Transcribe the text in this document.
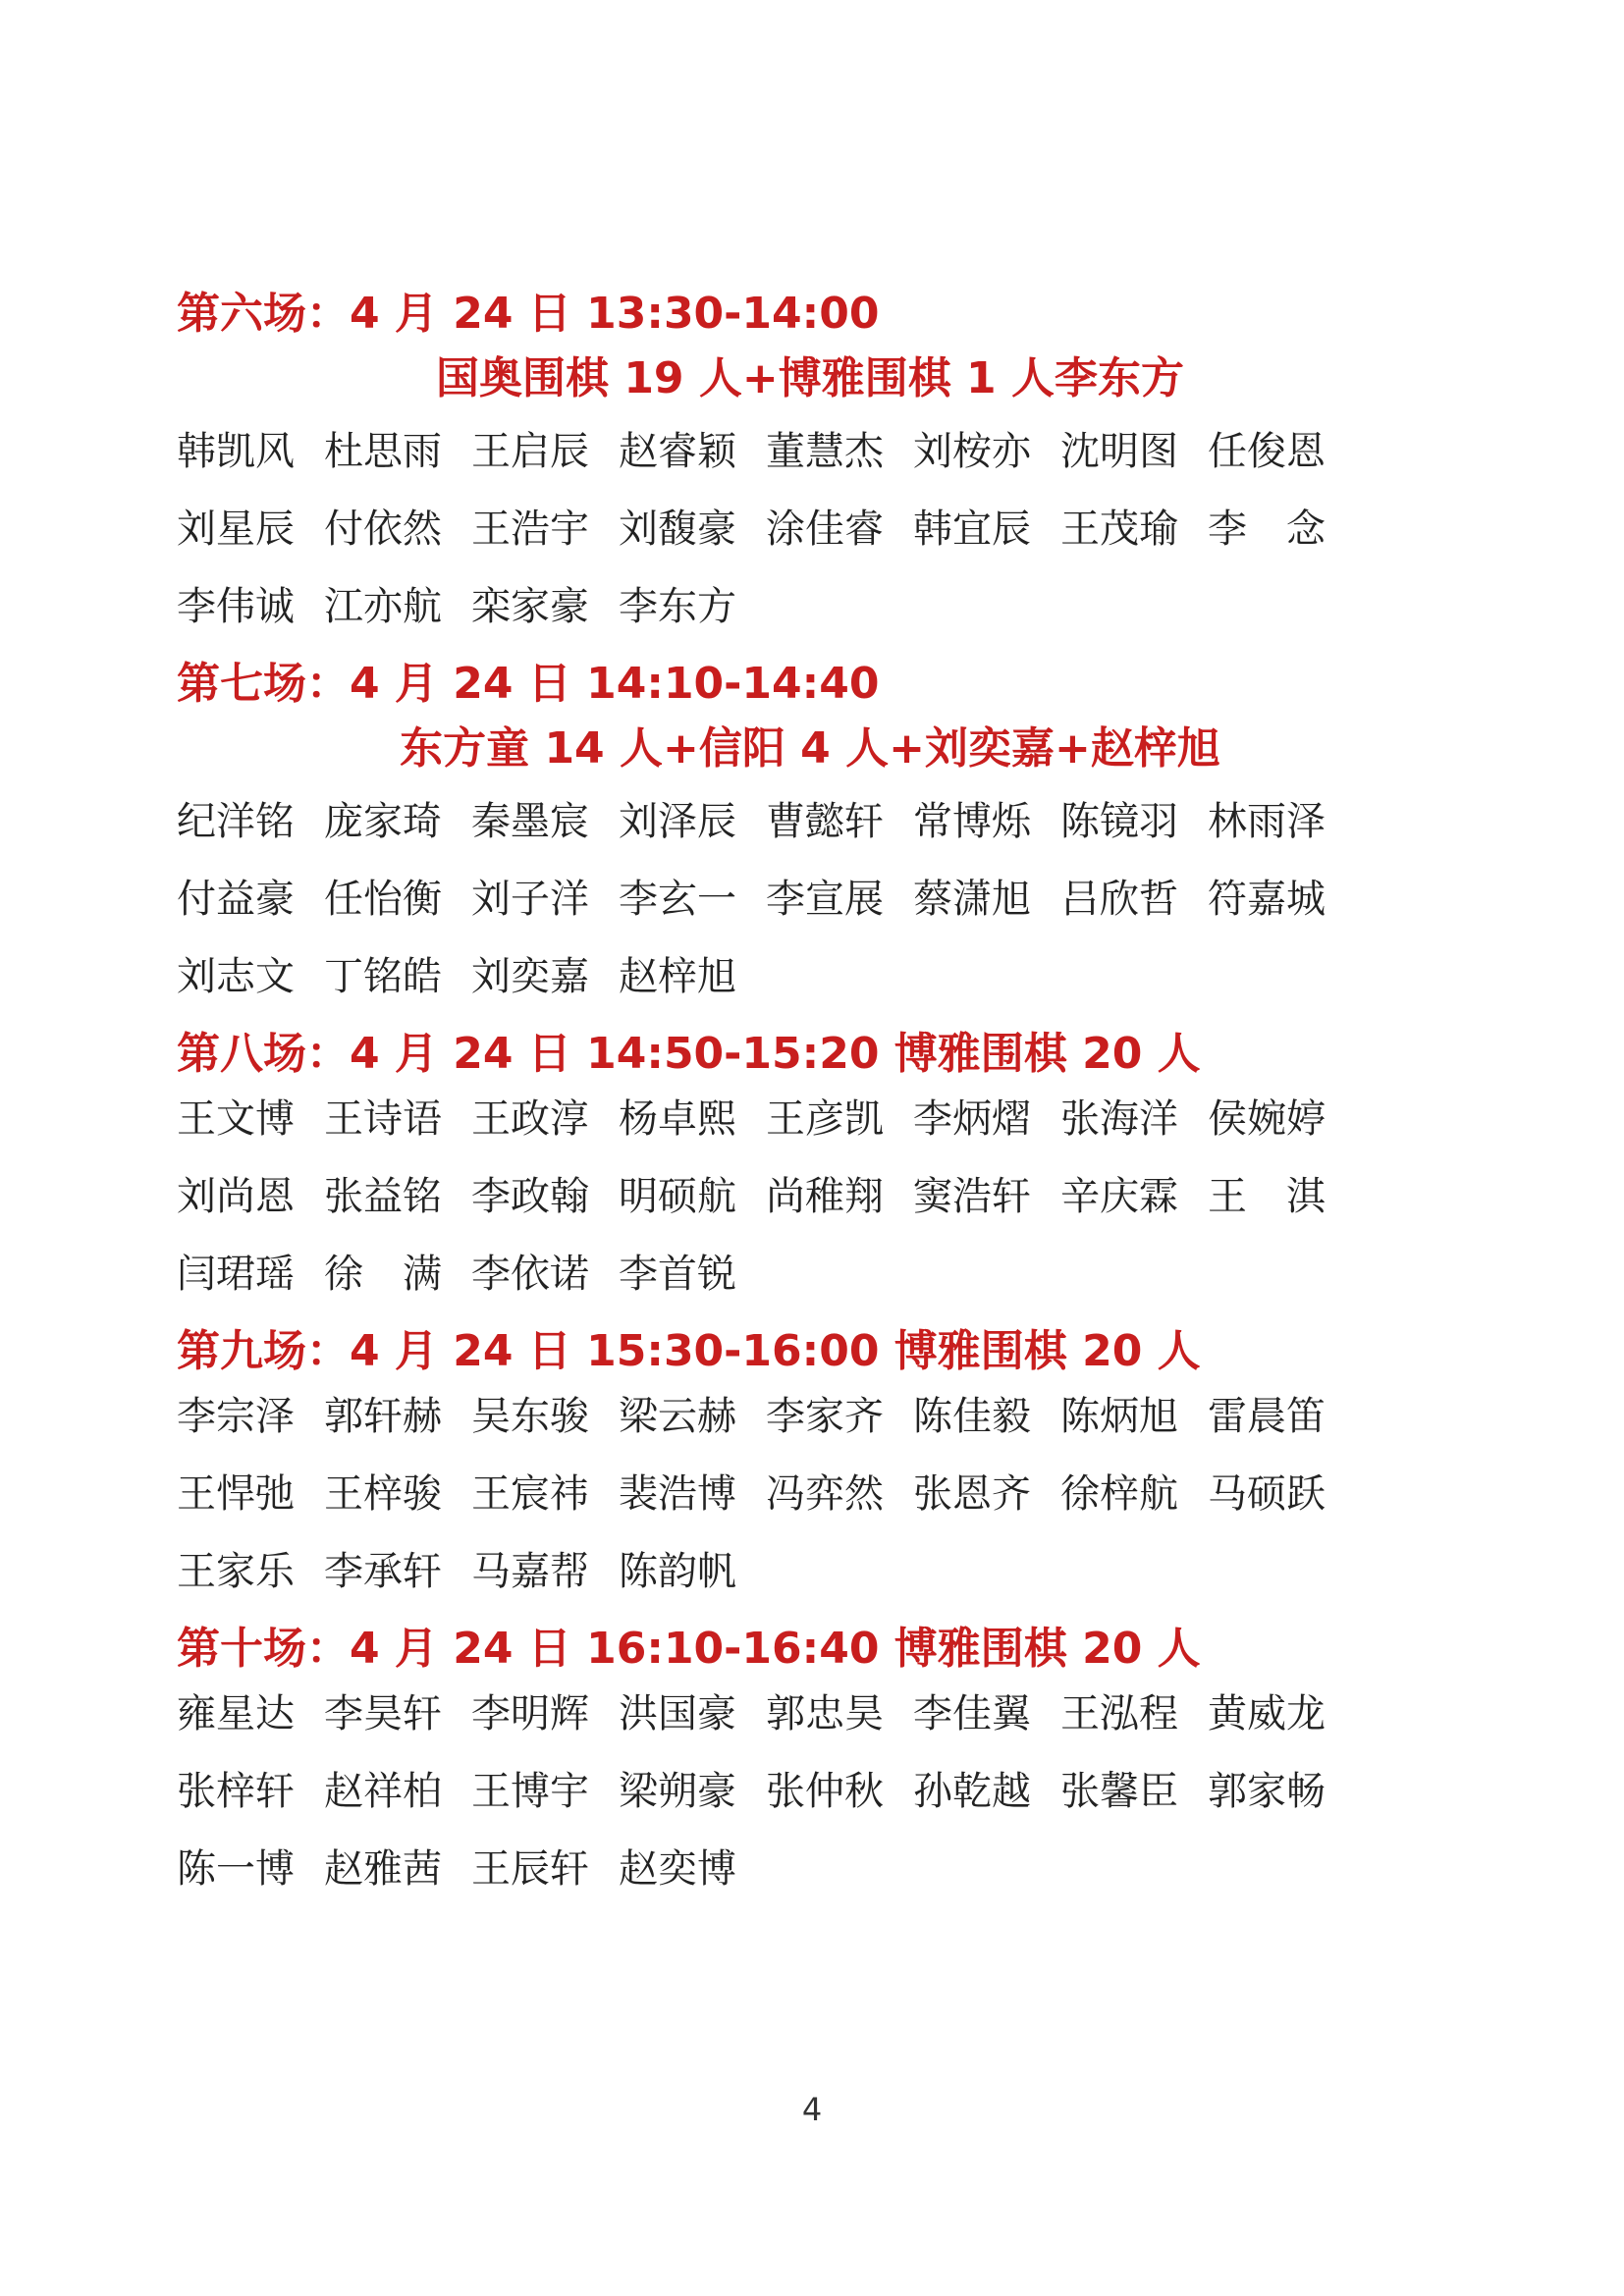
第六场：4 月 24 日 13:30-14:00
国奥围棋 19 人+博雅围棋 1 人李东方
韩凯风 杜思雨 王启辰 赵睿颖 董慧杰 刘桉亦 沈明图 任俊恩
刘星辰 付依然 王浩宇 刘馥豪 涂佳睿 韩宜辰 王茂瑜 李　念
李伟诚 江亦航 栾家豪 李东方
第七场：4 月 24 日 14:10-14:40
东方童 14 人+信阳 4 人+刘奕嘉+赵梓旭
纪洋铭 庞家琦 秦墨宸 刘泽辰 曹懿轩 常博烁 陈镜羽 林雨泽
付益豪 任怡衡 刘子洋 李玄一 李宣展 蔡潇旭 吕欣哲 符嘉城
刘志文 丁铭皓 刘奕嘉 赵梓旭
第八场：4 月 24 日 14:50-15:20 博雅围棋 20 人
王文博 王诗语 王政淳 杨卓熙 王彦凯 李炳熠 张海洋 侯婉婷
刘尚恩 张益铭 李政翰 明硕航 尚稚翔 窦浩轩 辛庆霖 王　淇
闫珺瑶 徐　满 李依诺 李首锐
第九场：4 月 24 日 15:30-16:00 博雅围棋 20 人
李宗泽 郭轩赫 吴东骏 梁云赫 李家齐 陈佳毅 陈炳旭 雷晨笛
王悍弛 王梓骏 王宸祎 裴浩博 冯弈然 张恩齐 徐梓航 马硕跃
王家乐 李承轩 马嘉帮 陈韵帆
第十场：4 月 24 日 16:10-16:40 博雅围棋 20 人
雍星达 李昊轩 李明辉 洪国豪 郭忠昊 李佳翼 王泓程 黄威龙
张梓轩 赵祥柏 王博宇 梁朔豪 张仲秋 孙乾越 张馨臣 郭家畅
陈一博 赵雅茜 王辰轩 赵奕博
4
